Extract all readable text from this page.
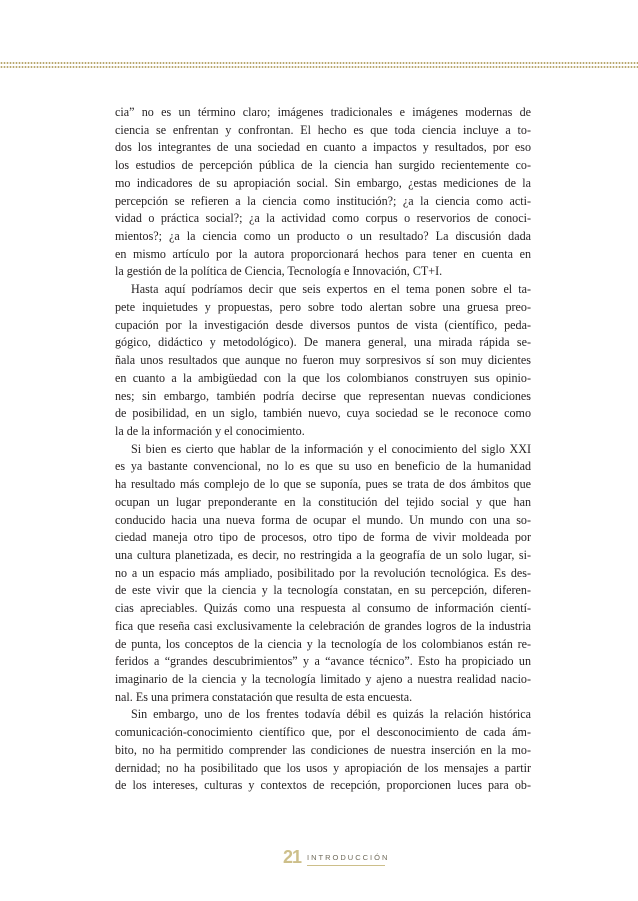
cia” no es un término claro; imágenes tradicionales e imágenes modernas de
ciencia se enfrentan y confrontan. El hecho es que toda ciencia incluye a to-
dos los integrantes de una sociedad en cuanto a impactos y resultados, por eso
los estudios de percepción pública de la ciencia han surgido recientemente co-
mo indicadores de su apropiación social. Sin embargo, ¿estas mediciones de la
percepción se refieren a la ciencia como institución?; ¿a la ciencia como acti-
vidad o práctica social?; ¿a la actividad como corpus o reservorios de conoci-
mientos?; ¿a la ciencia como un producto o un resultado? La discusión dada
en mismo artículo por la autora proporcionará hechos para tener en cuenta en
la gestión de la política de Ciencia, Tecnología e Innovación, CT+I.
Hasta aquí podríamos decir que seis expertos en el tema ponen sobre el ta-
pete inquietudes y propuestas, pero sobre todo alertan sobre una gruesa preo-
cupación por la investigación desde diversos puntos de vista (científico, peda-
gógico, didáctico y metodológico). De manera general, una mirada rápida se-
ñala unos resultados que aunque no fueron muy sorpresivos sí son muy dicientes
en cuanto a la ambigüedad con la que los colombianos construyen sus opinio-
nes; sin embargo, también podría decirse que representan nuevas condiciones
de posibilidad, en un siglo, también nuevo, cuya sociedad se le reconoce como
la de la información y el conocimiento.
Si bien es cierto que hablar de la información y el conocimiento del siglo XXI
es ya bastante convencional, no lo es que su uso en beneficio de la humanidad
ha resultado más complejo de lo que se suponía, pues se trata de dos ámbitos que
ocupan un lugar preponderante en la constitución del tejido social y que han
conducido hacia una nueva forma de ocupar el mundo. Un mundo con una so-
ciedad maneja otro tipo de procesos, otro tipo de forma de vivir moldeada por
una cultura planetizada, es decir, no restringida a la geografía de un solo lugar, si-
no a un espacio más ampliado, posibilitado por la revolución tecnológica. Es des-
de este vivir que la ciencia y la tecnología constatan, en su percepción, diferen-
cias apreciables. Quizás como una respuesta al consumo de información cientí-
fica que reseña casi exclusivamente la celebración de grandes logros de la industria
de punta, los conceptos de la ciencia y la tecnología de los colombianos están re-
feridos a “grandes descubrimientos” y a “avance técnico”. Esto ha propiciado un
imaginario de la ciencia y la tecnología limitado y ajeno a nuestra realidad nacio-
nal. Es una primera constatación que resulta de esta encuesta.
Sin embargo, uno de los frentes todavía débil es quizás la relación histórica
comunicación-conocimiento científico que, por el desconocimiento de cada ám-
bito, no ha permitido comprender las condiciones de nuestra inserción en la mo-
dernidad; no ha posibilitado que los usos y apropiación de los mensajes a partir
de los intereses, culturas y contextos de recepción, proporcionen luces para ob-
21 INTRODUCCIÓN
